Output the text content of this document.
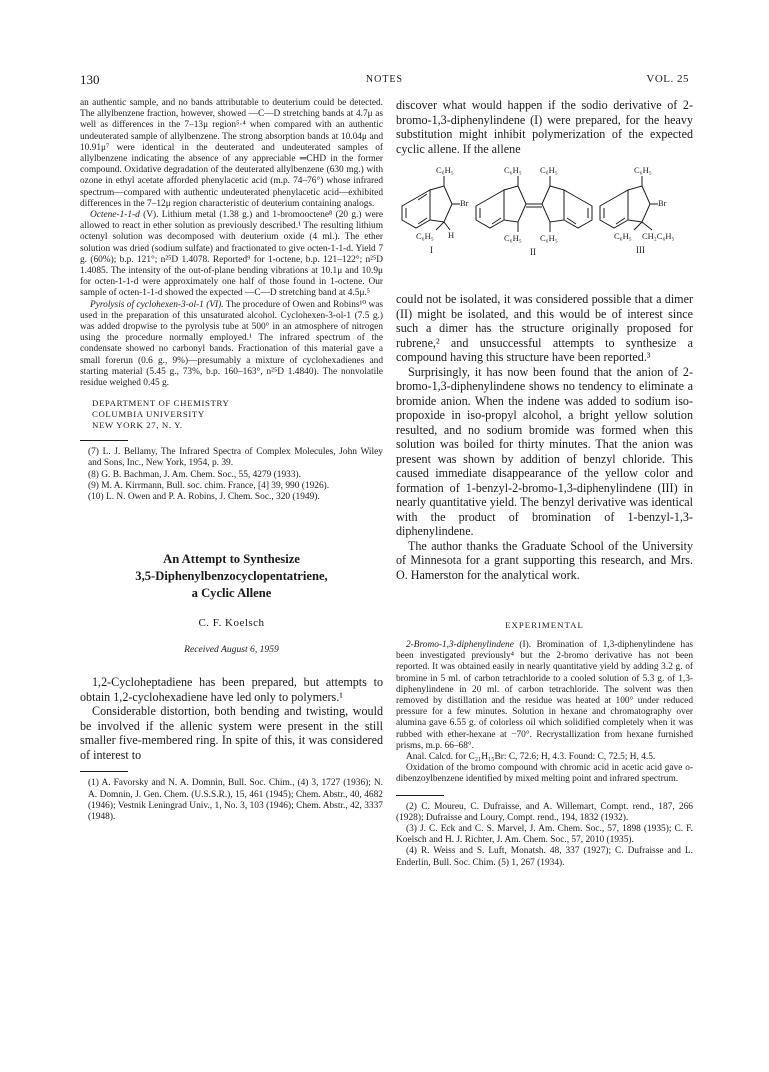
130	NOTES	VOL. 25

an authentic sample, and no bands attributable to deuterium could be detected. The allylbenzene fraction, however, showed —C—D stretching bands at 4.7μ as well as differences in the 7–13μ region⁵·⁴ when compared with an authentic undeuterated sample of allylbenzene. The strong absorption bands at 10.04μ and 10.91μ⁷ were identical in the deuterated and undeuterated samples of allylbenzene indicating the absence of any appreciable ═CHD in the former compound. Oxidative degradation of the deuterated allylbenzene (630 mg.) with ozone in ethyl acetate afforded phenylacetic acid (m.p. 74–76°) whose infrared spectrum—compared with authentic undeuterated phenylacetic acid—exhibited differences in the 7–12μ region characteristic of deuterium containing analogs.

Octene-1-1-d (V). Lithium metal (1.38 g.) and 1-bromooctene⁸ (20 g.) were allowed to react in ether solution as previously described.¹ The resulting lithium octenyl solution was decomposed with deuterium oxide (4 ml.). The ether solution was dried (sodium sulfate) and fractionated to give octen-1-1-d. Yield 7 g. (60%); b.p. 121°; n²⁵D 1.4078. Reported⁹ for 1-octene, b.p. 121–122°; n²⁵D 1.4085. The intensity of the out-of-plane bending vibrations at 10.1μ and 10.9μ for octen-1-1-d were approximately one half of those found in 1-octene. Our sample of octen-1-1-d showed the expected —C—D stretching band at 4.5μ.⁵

Pyrolysis of cyclohexen-3-ol-1 (VI). The procedure of Owen and Robins¹⁰ was used in the preparation of this unsaturated alcohol. Cyclohexen-3-ol-1 (7.5 g.) was added dropwise to the pyrolysis tube at 500° in an atmosphere of nitrogen using the procedure normally employed.¹ The infrared spectrum of the condensate showed no carbonyl bands. Fractionation of this material gave a small forerun (0.6 g., 9%)—presumably a mixture of cyclohexadienes and starting material (5.45 g., 73%, b.p. 160–163°, n²⁵D 1.4840). The nonvolatile residue weighed 0.45 g.

DEPARTMENT OF CHEMISTRY
COLUMBIA UNIVERSITY
NEW YORK 27, N. Y.

(7) L. J. Bellamy, The Infrared Spectra of Complex Molecules, John Wiley and Sons, Inc., New York, 1954, p. 39.

(8) G. B. Bachman, J. Am. Chem. Soc., 55, 4279 (1933).

(9) M. A. Kirrmann, Bull. soc. chim. France, [4] 39, 990 (1926).

(10) L. N. Owen and P. A. Robins, J. Chem. Soc., 320 (1949).

An Attempt to Synthesize
3,5-Diphenylbenzocyclopentatriene,
a Cyclic Allene
C. F. Koelsch
Received August 6, 1959

1,2-Cycloheptadiene has been prepared, but attempts to obtain 1,2-cyclohexadiene have led only to polymers.¹

Considerable distortion, both bending and twisting, would be involved if the allenic system were present in the still smaller five-membered ring. In spite of this, it was considered of interest to

(1) A. Favorsky and N. A. Domnin, Bull. Soc. Chim., (4) 3, 1727 (1936); N. A. Domnin, J. Gen. Chem. (U.S.S.R.), 15, 461 (1945); Chem. Abstr., 40, 4682 (1946); Vestnik Leningrad Univ., 1, No. 3, 103 (1946); Chem. Abstr., 42, 3337 (1948).

discover what would happen if the sodio derivative of 2-bromo-1,3-diphenylindene (I) were prepared, for the heavy substitution might inhibit polymerization of the expected cyclic allene. If the allene

C₆H₅
Br
C₆H₅ H
C₆H₅ C₆H₅
C₆H₅ C₆H₅
C₆H₅
Br
C₆H₅ CH₂C₆H₅
I	II	III

could not be isolated, it was considered possible that a dimer (II) might be isolated, and this would be of interest since such a dimer has the structure originally proposed for rubrene,² and unsuccessful attempts to synthesize a compound having this structure have been reported.³

Surprisingly, it has now been found that the anion of 2-bromo-1,3-diphenylindene shows no tendency to eliminate a bromide anion. When the indene was added to sodium iso-propoxide in iso-propyl alcohol, a bright yellow solution resulted, and no sodium bromide was formed when this solution was boiled for thirty minutes. That the anion was present was shown by addition of benzyl chloride. This caused immediate disappearance of the yellow color and formation of 1-benzyl-2-bromo-1,3-diphenylindene (III) in nearly quantitative yield. The benzyl derivative was identical with the product of bromination of 1-benzyl-1,3-diphenylindene.

The author thanks the Graduate School of the University of Minnesota for a grant supporting this research, and Mrs. O. Hamerston for the analytical work.

EXPERIMENTAL

2-Bromo-1,3-diphenylindene (I). Bromination of 1,3-diphenylindene has been investigated previously⁴ but the 2-bromo derivative has not been reported. It was obtained easily in nearly quantitative yield by adding 3.2 g. of bromine in 5 ml. of carbon tetrachloride to a cooled solution of 5.3 g. of 1,3-diphenylindene in 20 ml. of carbon tetrachloride. The solvent was then removed by distillation and the residue was heated at 100° under reduced pressure for a few minutes. Solution in hexane and chromatography over alumina gave 6.55 g. of colorless oil which solidified completely when it was rubbed with ether-hexane at −70°. Recrystallization from hexane furnished prisms, m.p. 66–68°.

Anal. Calcd. for C₂₁H₁₅Br: C, 72.6; H, 4.3. Found: C, 72.5; H, 4.5.

Oxidation of the bromo compound with chromic acid in acetic acid gave o-dibenzoylbenzene identified by mixed melting point and infrared spectrum.

(2) C. Moureu, C. Dufraisse, and A. Willemart, Compt. rend., 187, 266 (1928); Dufraisse and Loury, Compt. rend., 194, 1832 (1932).

(3) J. C. Eck and C. S. Marvel, J. Am. Chem. Soc., 57, 1898 (1935); C. F. Koelsch and H. J. Richter, J. Am. Chem. Soc., 57, 2010 (1935).

(4) R. Weiss and S. Luft, Monatsh. 48, 337 (1927); C. Dufraisse and L. Enderlin, Bull. Soc. Chim. (5) 1, 267 (1934).
